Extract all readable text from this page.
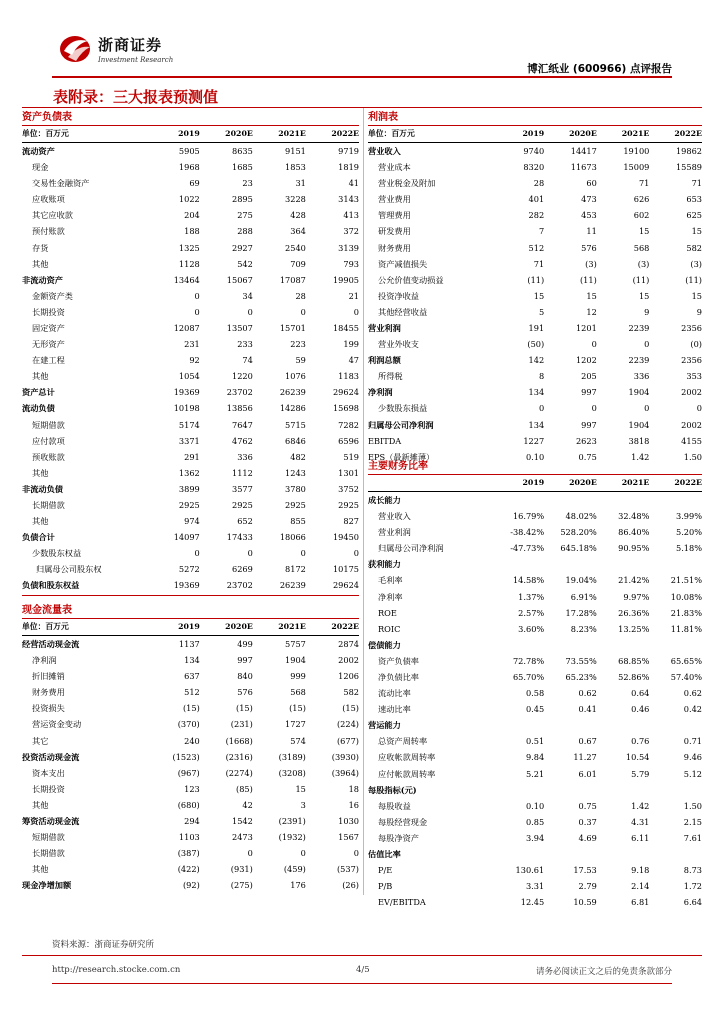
浙商证券
Investment Research
博汇纸业 (600966) 点评报告
表附录：三大报表预测值
资产负债表
单位：百万元	2019	2020E	2021E	2022E
流动资产	5905	8635	9151	9719
现金	1968	1685	1853	1819
交易性金融资产	69	23	31	41
应收账项	1022	2895	3228	3143
其它应收款	204	275	428	413
预付账款	188	288	364	372
存货	1325	2927	2540	3139
其他	1128	542	709	793
非流动资产	13464	15067	17087	19905
金额资产类	0	34	28	21
长期投资	0	0	0	0
固定资产	12087	13507	15701	18455
无形资产	231	233	223	199
在建工程	92	74	59	47
其他	1054	1220	1076	1183
资产总计	19369	23702	26239	29624
流动负债	10198	13856	14286	15698
短期借款	5174	7647	5715	7282
应付款项	3371	4762	6846	6596
预收账款	291	336	482	519
其他	1362	1112	1243	1301
非流动负债	3899	3577	3780	3752
长期借款	2925	2925	2925	2925
其他	974	652	855	827
负债合计	14097	17433	18066	19450
少数股东权益	0	0	0	0
归属母公司股东权	5272	6269	8172	10175
负债和股东权益	19369	23702	26239	29624
现金流量表
单位：百万元	2019	2020E	2021E	2022E
经营活动现金流	1137	499	5757	2874
净利润	134	997	1904	2002
折旧摊销	637	840	999	1206
财务费用	512	576	568	582
投资损失	(15)	(15)	(15)	(15)
营运资金变动	(370)	(231)	1727	(224)
其它	240	(1668)	574	(677)
投资活动现金流	(1523)	(2316)	(3189)	(3930)
资本支出	(967)	(2274)	(3208)	(3964)
长期投资	123	(85)	15	18
其他	(680)	42	3	16
筹资活动现金流	294	1542	(2391)	1030
短期借款	1103	2473	(1932)	1567
长期借款	(387)	0	0	0
其他	(422)	(931)	(459)	(537)
现金净增加额	(92)	(275)	176	(26)
利润表
单位：百万元	2019	2020E	2021E	2022E
营业收入	9740	14417	19100	19862
营业成本	8320	11673	15009	15589
营业税金及附加	28	60	71	71
营业费用	401	473	626	653
管理费用	282	453	602	625
研发费用	7	11	15	15
财务费用	512	576	568	582
资产减值损失	71	(3)	(3)	(3)
公允价值变动损益	(11)	(11)	(11)	(11)
投资净收益	15	15	15	15
其他经营收益	5	12	9	9
营业利润	191	1201	2239	2356
营业外收支	(50)	0	0	(0)
利润总额	142	1202	2239	2356
所得税	8	205	336	353
净利润	134	997	1904	2002
少数股东损益	0	0	0	0
归属母公司净利润	134	997	1904	2002
EBITDA	1227	2623	3818	4155
EPS（最新摊薄）	0.10	0.75	1.42	1.50
主要财务比率
	2019	2020E	2021E	2022E
成长能力				
营业收入	16.79%	48.02%	32.48%	3.99%
营业利润	-38.42%	528.20%	86.40%	5.20%
归属母公司净利润	-47.73%	645.18%	90.95%	5.18%
获利能力				
毛利率	14.58%	19.04%	21.42%	21.51%
净利率	1.37%	6.91%	9.97%	10.08%
ROE	2.57%	17.28%	26.36%	21.83%
ROIC	3.60%	8.23%	13.25%	11.81%
偿债能力				
资产负债率	72.78%	73.55%	68.85%	65.65%
净负债比率	65.70%	65.23%	52.86%	57.40%
流动比率	0.58	0.62	0.64	0.62
速动比率	0.45	0.41	0.46	0.42
营运能力				
总资产周转率	0.51	0.67	0.76	0.71
应收帐款周转率	9.84	11.27	10.54	9.46
应付帐款周转率	5.21	6.01	5.79	5.12
每股指标(元)				
每股收益	0.10	0.75	1.42	1.50
每股经营现金	0.85	0.37	4.31	2.15
每股净资产	3.94	4.69	6.11	7.61
估值比率				
P/E	130.61	17.53	9.18	8.73
P/B	3.31	2.79	2.14	1.72
EV/EBITDA	12.45	10.59	6.81	6.64
资料来源：浙商证券研究所
http://research.stocke.com.cn	4/5	请务必阅读正文之后的免责条款部分
